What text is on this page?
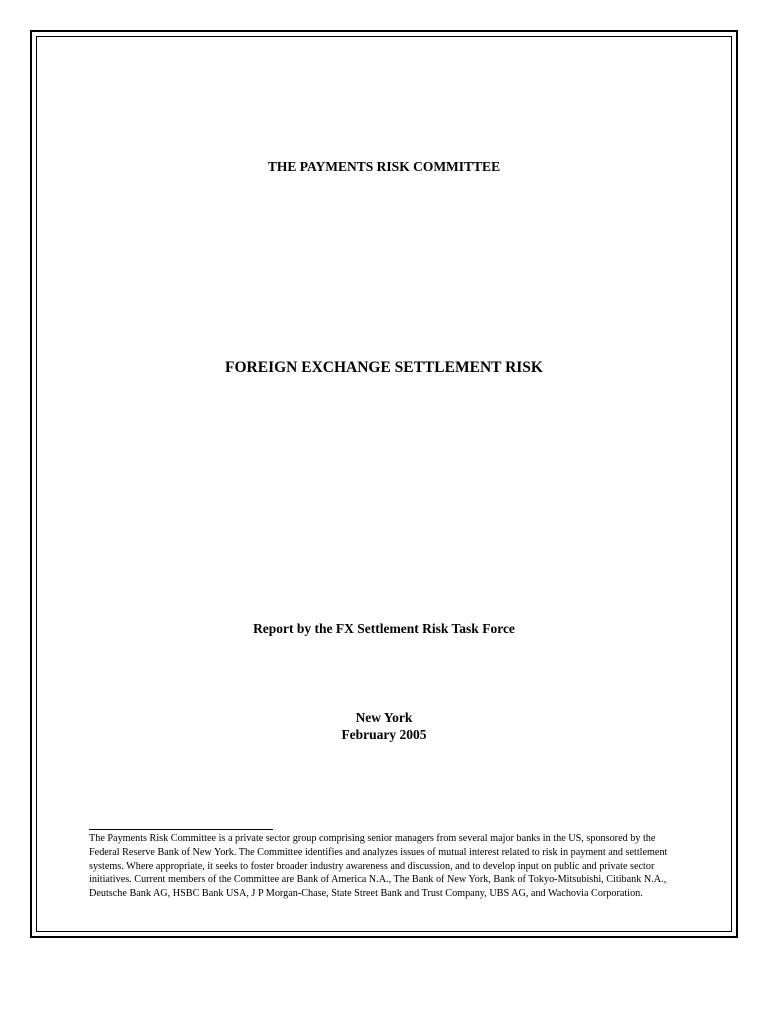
THE PAYMENTS RISK COMMITTEE

FOREIGN EXCHANGE SETTLEMENT RISK

Report by the FX Settlement Risk Task Force

New York
February 2005

The Payments Risk Committee is a private sector group comprising senior managers from several major banks in the US, sponsored by the Federal Reserve Bank of New York. The Committee identifies and analyzes issues of mutual interest related to risk in payment and settlement systems. Where appropriate, it seeks to foster broader industry awareness and discussion, and to develop input on public and private sector initiatives. Current members of the Committee are Bank of America N.A., The Bank of New York, Bank of Tokyo-Mitsubishi, Citibank N.A., Deutsche Bank AG, HSBC Bank USA, J P Morgan-Chase, State Street Bank and Trust Company, UBS AG, and Wachovia Corporation.
